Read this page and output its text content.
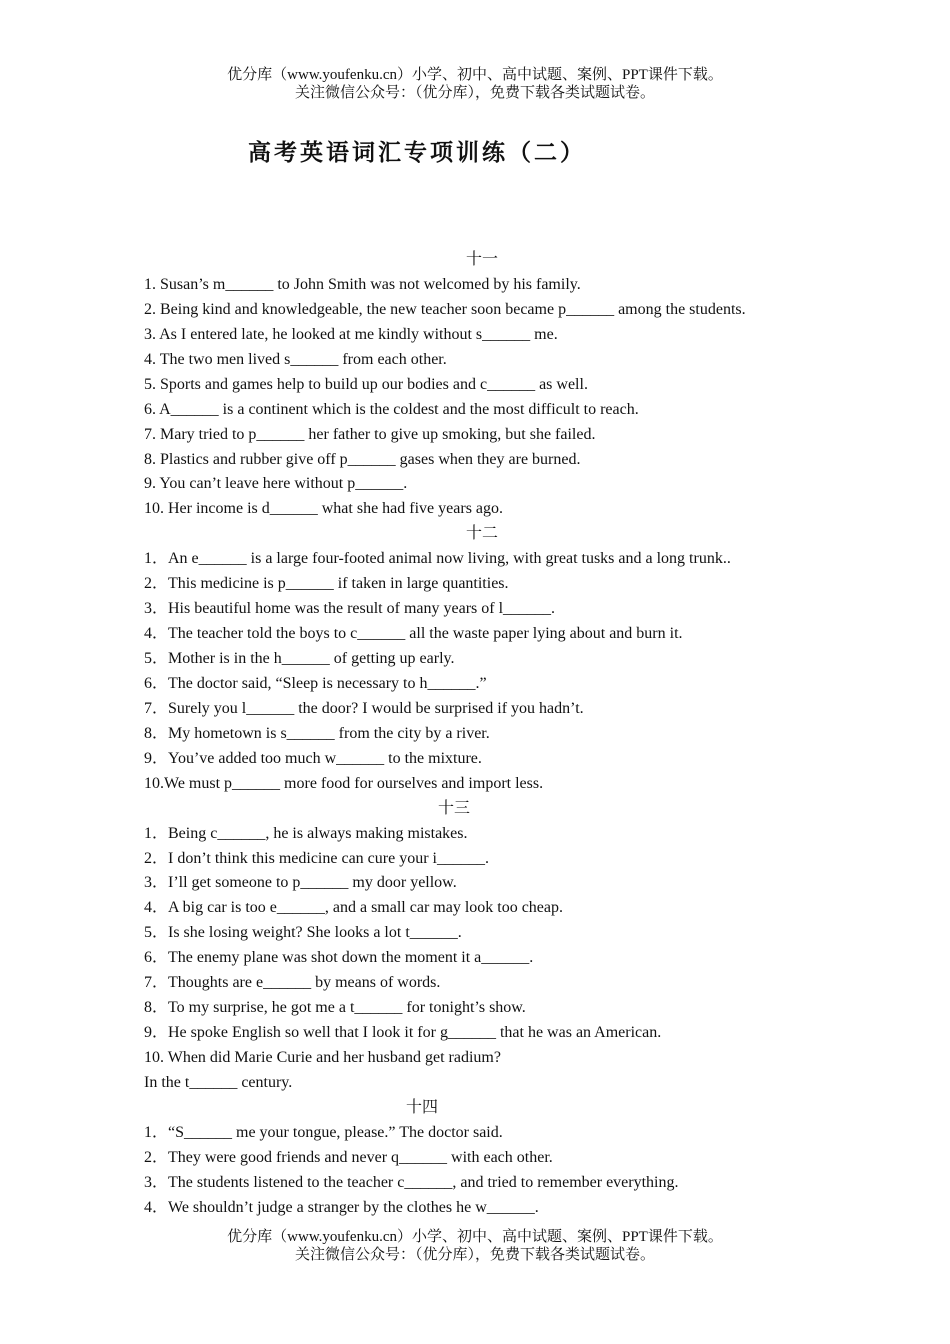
优分库（www.youfenku.cn）小学、初中、高中试题、案例、PPT课件下载。
关注微信公众号：（优分库），免费下载各类试题试卷。
高考英语词汇专项训练（二）
十一
1. Susan’s m______ to John Smith was not welcomed by his family.
2. Being kind and knowledgeable, the new teacher soon became p______ among the students.
3. As I entered late, he looked at me kindly without s______ me.
4. The two men lived s______ from each other.
5. Sports and games help to build up our bodies and c______ as well.
6. A______ is a continent which is the coldest and the most difficult to reach.
7. Mary tried to p______ her father to give up smoking, but she failed.
8. Plastics and rubber give off p______ gases when they are burned.
9. You can’t leave here without p______.
10. Her income is d______ what she had five years ago.
十二
1．An e______ is a large four-footed animal now living, with great tusks and a long trunk..
2．This medicine is p______ if taken in large quantities.
3．His beautiful home was the result of many years of l______.
4．The teacher told the boys to c______ all the waste paper lying about and burn it.
5．Mother is in the h______ of getting up early.
6．The doctor said, “Sleep is necessary to h______.”
7．Surely you l______ the door? I would be surprised if you hadn’t.
8．My hometown is s______ from the city by a river.
9．You’ve added too much w______ to the mixture.
10.We must p______ more food for ourselves and import less.
十三
1．Being c______, he is always making mistakes.
2．I don’t think this medicine can cure your i______.
3．I’ll get someone to p______ my door yellow.
4．A big car is too e______, and a small car may look too cheap.
5．Is she losing weight? She looks a lot t______.
6．The enemy plane was shot down the moment it a______.
7．Thoughts are e______ by means of words.
8．To my surprise, he got me a t______ for tonight’s show.
9．He spoke English so well that I look it for g______ that he was an American.
10. When did Marie Curie and her husband get radium?
In the t______ century.
十四
1．“S______ me your tongue, please.” The doctor said.
2．They were good friends and never q______ with each other.
3．The students listened to the teacher c______, and tried to remember everything.
4．We shouldn’t judge a stranger by the clothes he w______.
优分库（www.youfenku.cn）小学、初中、高中试题、案例、PPT课件下载。
关注微信公众号：（优分库），免费下载各类试题试卷。
